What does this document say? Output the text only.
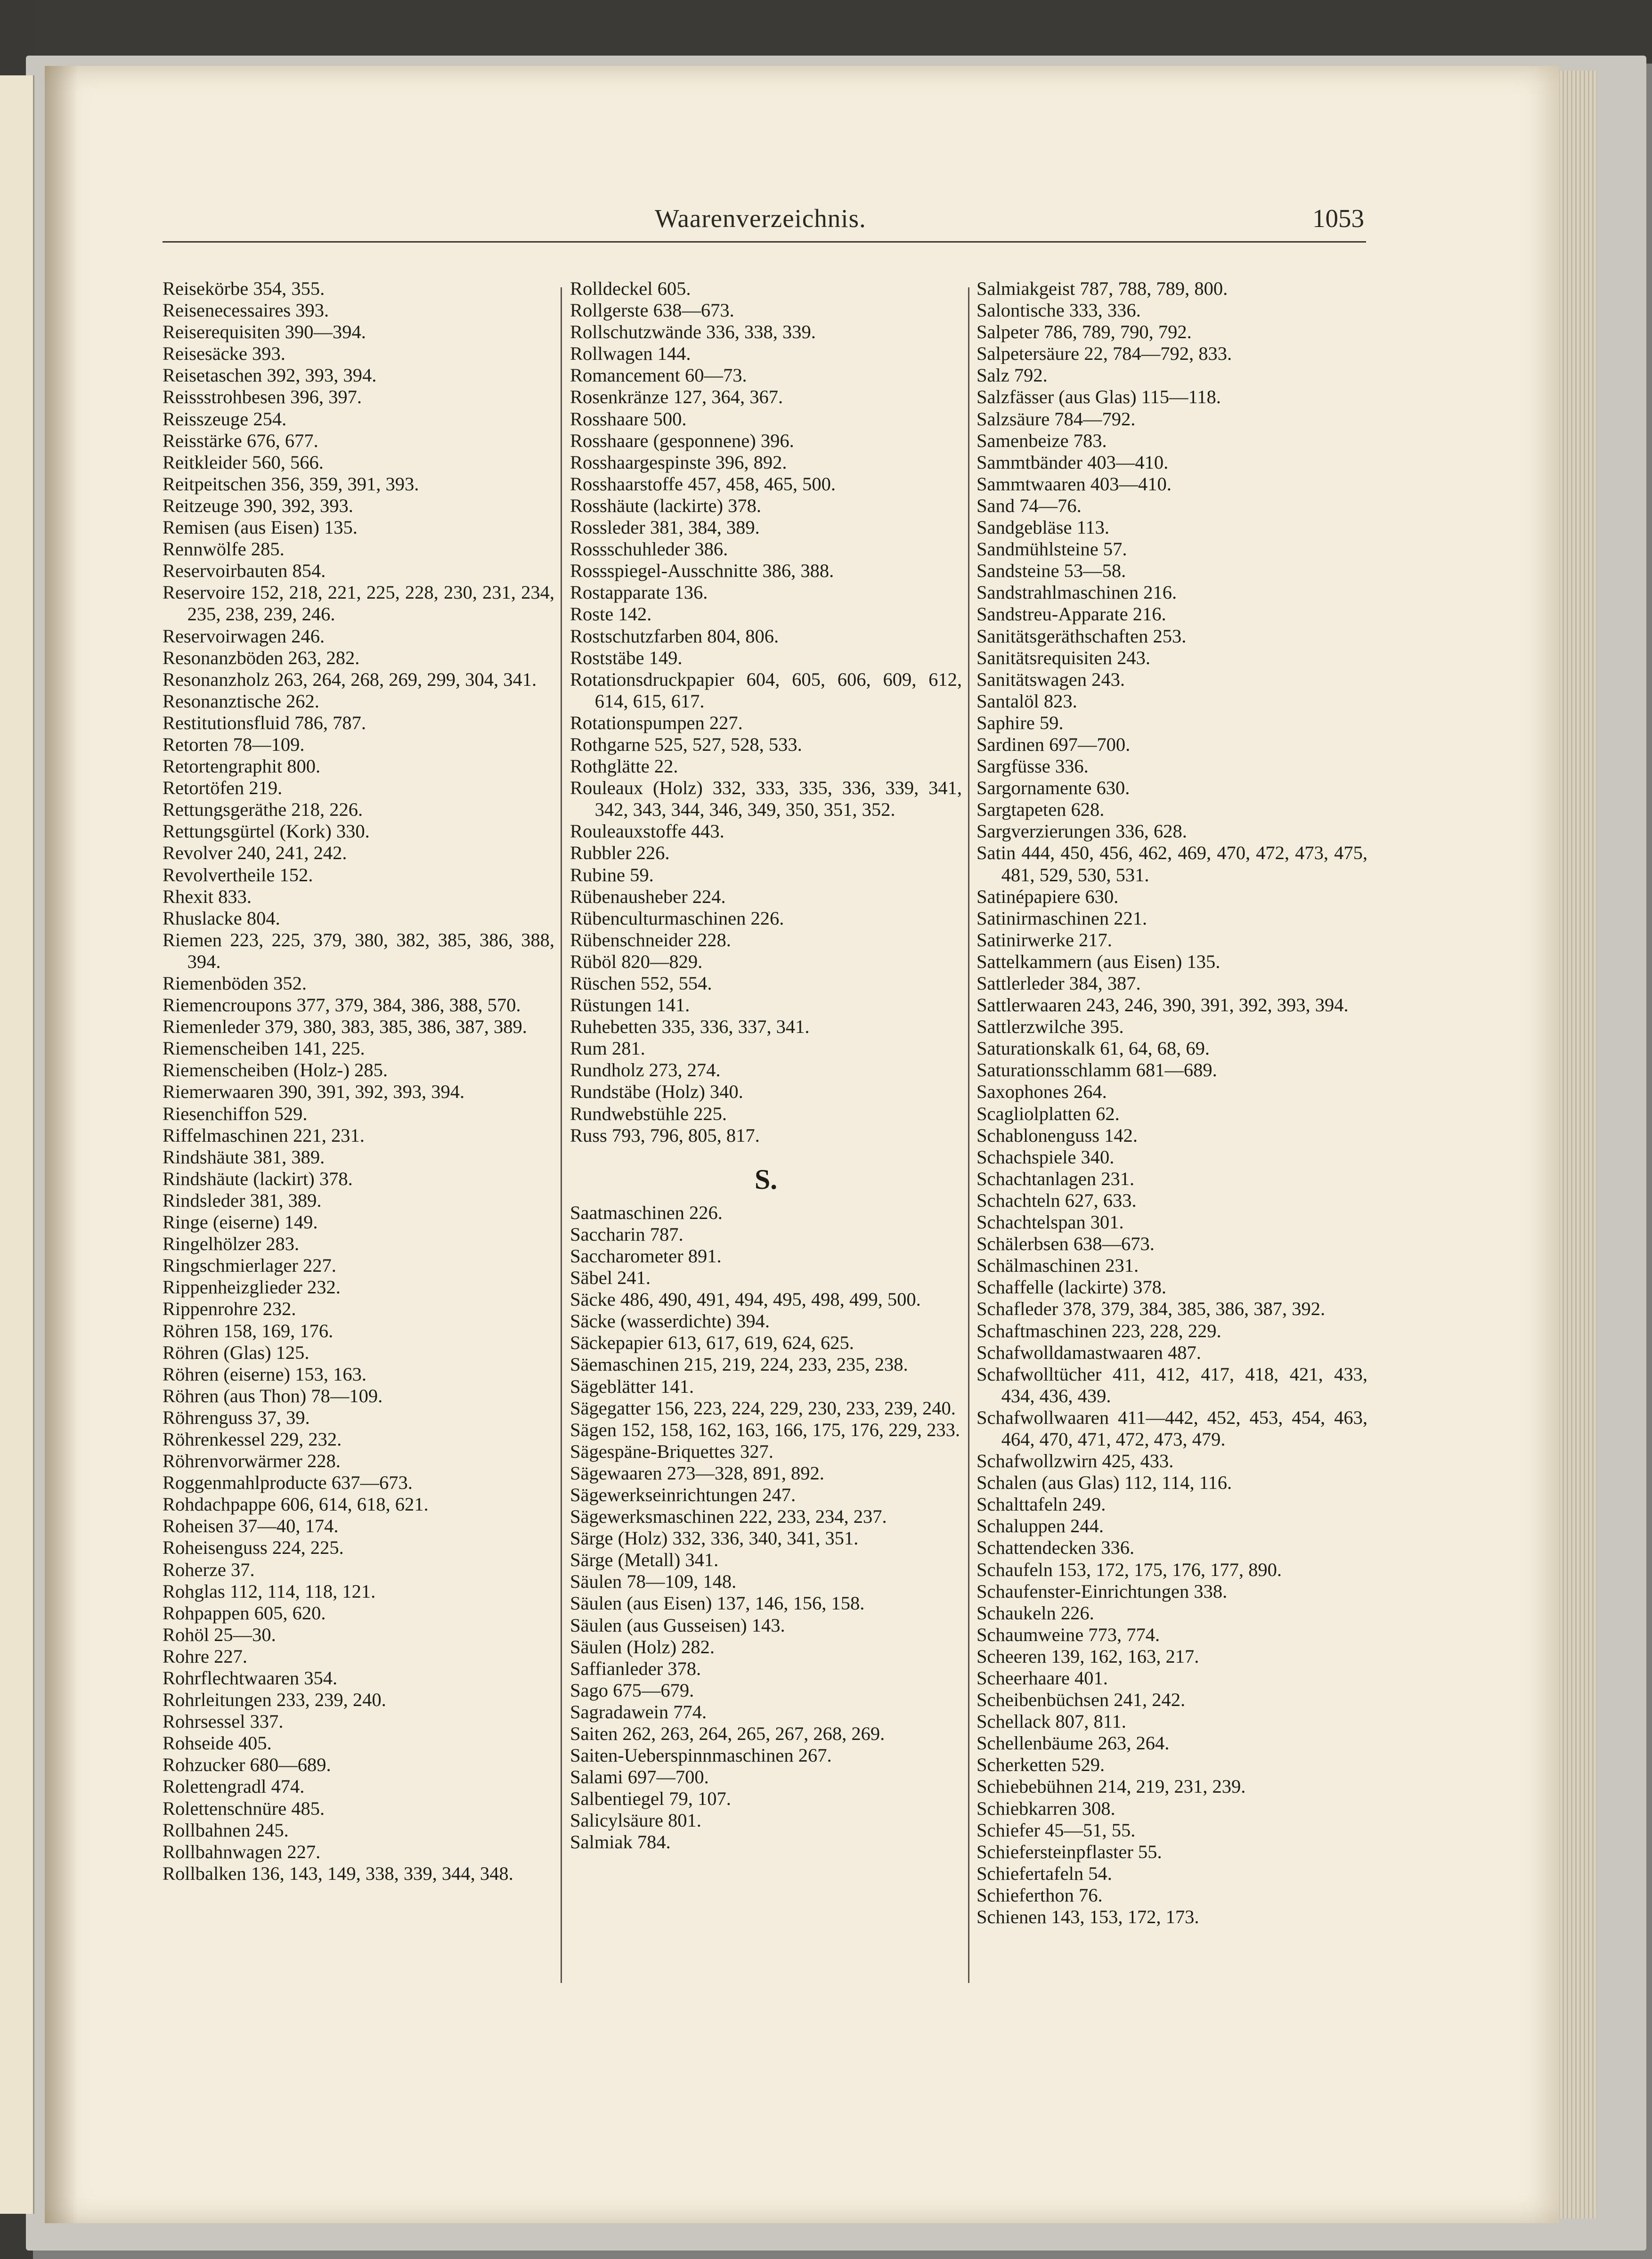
Waarenverzeichnis.	1053
Reisekörbe 354, 355.
Reisenecessaires 393.
Reiserequisiten 390—394.
Reisesäcke 393.
Reisetaschen 392, 393, 394.
Reissstrohbesen 396, 397.
Reisszeuge 254.
Reisstärke 676, 677.
Reitkleider 560, 566.
Reitpeitschen 356, 359, 391, 393.
Reitzeuge 390, 392, 393.
Remisen (aus Eisen) 135.
Rennwölfe 285.
Reservoirbauten 854.
Reservoire 152, 218, 221, 225, 228, 230, 231, 234, 235, 238, 239, 246.
Reservoirwagen 246.
Resonanzböden 263, 282.
Resonanzholz 263, 264, 268, 269, 299, 304, 341.
Resonanztische 262.
Restitutionsfluid 786, 787.
Retorten 78—109.
Retortengraphit 800.
Retortöfen 219.
Rettungsgeräthe 218, 226.
Rettungsgürtel (Kork) 330.
Revolver 240, 241, 242.
Revolvertheile 152.
Rhexit 833.
Rhuslacke 804.
Riemen 223, 225, 379, 380, 382, 385, 386, 388, 394.
Riemenböden 352.
Riemencroupons 377, 379, 384, 386, 388, 570.
Riemenleder 379, 380, 383, 385, 386, 387, 389.
Riemenscheiben 141, 225.
Riemenscheiben (Holz-) 285.
Riemerwaaren 390, 391, 392, 393, 394.
Riesenchiffon 529.
Riffelmaschinen 221, 231.
Rindshäute 381, 389.
Rindshäute (lackirt) 378.
Rindsleder 381, 389.
Ringe (eiserne) 149.
Ringelhölzer 283.
Ringschmierlager 227.
Rippenheizglieder 232.
Rippenrohre 232.
Röhren 158, 169, 176.
Röhren (Glas) 125.
Röhren (eiserne) 153, 163.
Röhren (aus Thon) 78—109.
Röhrenguss 37, 39.
Röhrenkessel 229, 232.
Röhrenvorwärmer 228.
Roggenmahlproducte 637—673.
Rohdachpappe 606, 614, 618, 621.
Roheisen 37—40, 174.
Roheisenguss 224, 225.
Roherze 37.
Rohglas 112, 114, 118, 121.
Rohpappen 605, 620.
Rohöl 25—30.
Rohre 227.
Rohrflechtwaaren 354.
Rohrleitungen 233, 239, 240.
Rohrsessel 337.
Rohseide 405.
Rohzucker 680—689.
Rolettengradl 474.
Rolettenschnüre 485.
Rollbahnen 245.
Rollbahnwagen 227.
Rollbalken 136, 143, 149, 338, 339, 344, 348.
Rolldeckel 605.
Rollgerste 638—673.
Rollschutzwände 336, 338, 339.
Rollwagen 144.
Romancement 60—73.
Rosenkränze 127, 364, 367.
Rosshaare 500.
Rosshaare (gesponnene) 396.
Rosshaargespinste 396, 892.
Rosshaarstoffe 457, 458, 465, 500.
Rosshäute (lackirte) 378.
Rossleder 381, 384, 389.
Rossschuhleder 386.
Rossspiegel-Ausschnitte 386, 388.
Rostapparate 136.
Roste 142.
Rostschutzfarben 804, 806.
Roststäbe 149.
Rotationsdruckpapier 604, 605, 606, 609, 612, 614, 615, 617.
Rotationspumpen 227.
Rothgarne 525, 527, 528, 533.
Rothglätte 22.
Rouleaux (Holz) 332, 333, 335, 336, 339, 341, 342, 343, 344, 346, 349, 350, 351, 352.
Rouleauxstoffe 443.
Rubbler 226.
Rubine 59.
Rübenausheber 224.
Rübenculturmaschinen 226.
Rübenschneider 228.
Rüböl 820—829.
Rüschen 552, 554.
Rüstungen 141.
Ruhebetten 335, 336, 337, 341.
Rum 281.
Rundholz 273, 274.
Rundstäbe (Holz) 340.
Rundwebstühle 225.
Russ 793, 796, 805, 817.
S.
Saatmaschinen 226.
Saccharin 787.
Saccharometer 891.
Säbel 241.
Säcke 486, 490, 491, 494, 495, 498, 499, 500.
Säcke (wasserdichte) 394.
Säckepapier 613, 617, 619, 624, 625.
Säemaschinen 215, 219, 224, 233, 235, 238.
Sägeblätter 141.
Sägegatter 156, 223, 224, 229, 230, 233, 239, 240.
Sägen 152, 158, 162, 163, 166, 175, 176, 229, 233.
Sägespäne-Briquettes 327.
Sägewaaren 273—328, 891, 892.
Sägewerkseinrichtungen 247.
Sägewerksmaschinen 222, 233, 234, 237.
Särge (Holz) 332, 336, 340, 341, 351.
Särge (Metall) 341.
Säulen 78—109, 148.
Säulen (aus Eisen) 137, 146, 156, 158.
Säulen (aus Gusseisen) 143.
Säulen (Holz) 282.
Saffianleder 378.
Sago 675—679.
Sagradawein 774.
Saiten 262, 263, 264, 265, 267, 268, 269.
Saiten-Ueberspinnmaschinen 267.
Salami 697—700.
Salbentiegel 79, 107.
Salicylsäure 801.
Salmiak 784.
Salmiakgeist 787, 788, 789, 800.
Salontische 333, 336.
Salpeter 786, 789, 790, 792.
Salpetersäure 22, 784—792, 833.
Salz 792.
Salzfässer (aus Glas) 115—118.
Salzsäure 784—792.
Samenbeize 783.
Sammtbänder 403—410.
Sammtwaaren 403—410.
Sand 74—76.
Sandgebläse 113.
Sandmühlsteine 57.
Sandsteine 53—58.
Sandstrahlmaschinen 216.
Sandstreu-Apparate 216.
Sanitätsgeräthschaften 253.
Sanitätsrequisiten 243.
Sanitätswagen 243.
Santalöl 823.
Saphire 59.
Sardinen 697—700.
Sargfüsse 336.
Sargornamente 630.
Sargtapeten 628.
Sargverzierungen 336, 628.
Satin 444, 450, 456, 462, 469, 470, 472, 473, 475, 481, 529, 530, 531.
Satinépapiere 630.
Satinirmaschinen 221.
Satinirwerke 217.
Sattelkammern (aus Eisen) 135.
Sattlerleder 384, 387.
Sattlerwaaren 243, 246, 390, 391, 392, 393, 394.
Sattlerzwilche 395.
Saturationskalk 61, 64, 68, 69.
Saturationsschlamm 681—689.
Saxophones 264.
Scagliolplatten 62.
Schablonenguss 142.
Schachspiele 340.
Schachtanlagen 231.
Schachteln 627, 633.
Schachtelspan 301.
Schälerbsen 638—673.
Schälmaschinen 231.
Schaffelle (lackirte) 378.
Schafleder 378, 379, 384, 385, 386, 387, 392.
Schaftmaschinen 223, 228, 229.
Schafwolldamastwaaren 487.
Schafwolltücher 411, 412, 417, 418, 421, 433, 434, 436, 439.
Schafwollwaaren 411—442, 452, 453, 454, 463, 464, 470, 471, 472, 473, 479.
Schafwollzwirn 425, 433.
Schalen (aus Glas) 112, 114, 116.
Schalttafeln 249.
Schaluppen 244.
Schattendecken 336.
Schaufeln 153, 172, 175, 176, 177, 890.
Schaufenster-Einrichtungen 338.
Schaukeln 226.
Schaumweine 773, 774.
Scheeren 139, 162, 163, 217.
Scheerhaare 401.
Scheibenbüchsen 241, 242.
Schellack 807, 811.
Schellenbäume 263, 264.
Scherketten 529.
Schiebebühnen 214, 219, 231, 239.
Schiebkarren 308.
Schiefer 45—51, 55.
Schiefersteinpflaster 55.
Schiefertafeln 54.
Schieferthon 76.
Schienen 143, 153, 172, 173.
